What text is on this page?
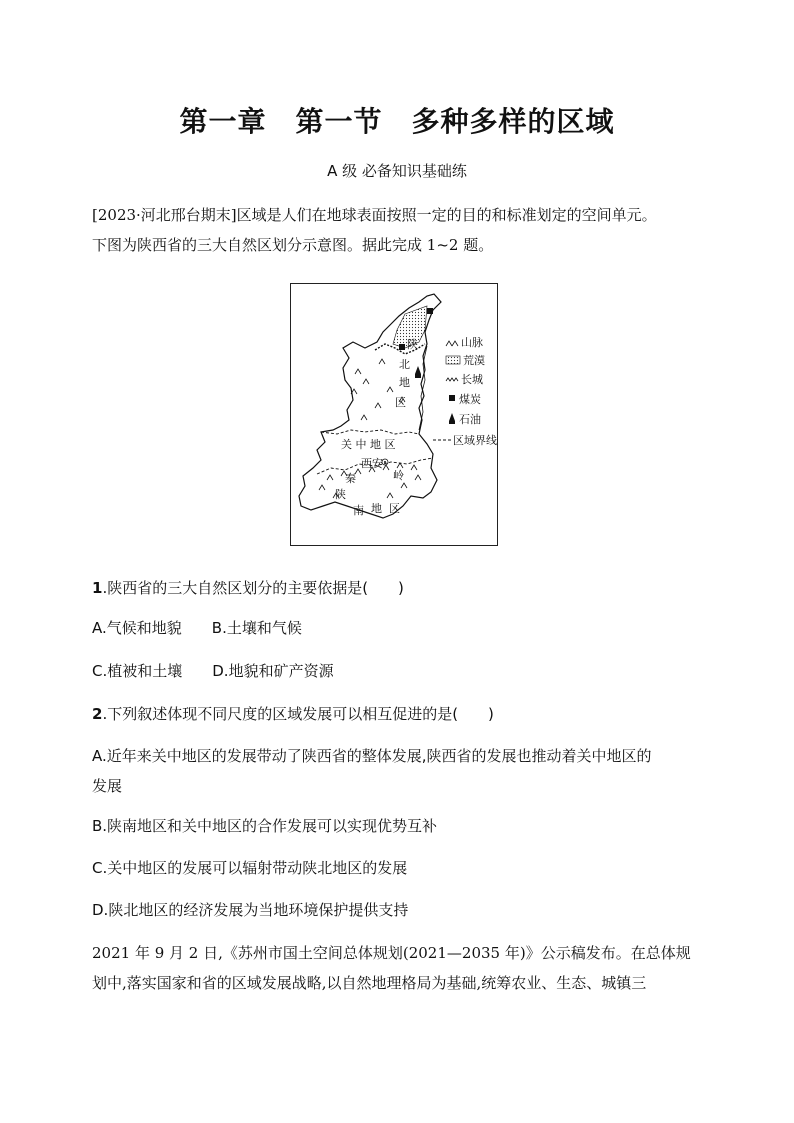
第一章　第一节　多种多样的区域
A 级 必备知识基础练
[2023·河北邢台期末]区域是人们在地球表面按照一定的目的和标准划定的空间单元。
下图为陕西省的三大自然区划分示意图。据此完成 1~2 题。
陕
北
地
区
关 中 地 区
西安
秦	岭
陕
南 地 区
山脉
荒漠
长城
煤炭
石油
区域界线
1.陕西省的三大自然区划分的主要依据是(　　)
A.气候和地貌 B.土壤和气候
C.植被和土壤 D.地貌和矿产资源
2.下列叙述体现不同尺度的区域发展可以相互促进的是(　　)
A.近年来关中地区的发展带动了陕西省的整体发展,陕西省的发展也推动着关中地区的
发展
B.陕南地区和关中地区的合作发展可以实现优势互补
C.关中地区的发展可以辐射带动陕北地区的发展
D.陕北地区的经济发展为当地环境保护提供支持
2021 年 9 月 2 日,《苏州市国土空间总体规划(2021—2035 年)》公示稿发布。在总体规
划中,落实国家和省的区域发展战略,以自然地理格局为基础,统筹农业、生态、城镇三
